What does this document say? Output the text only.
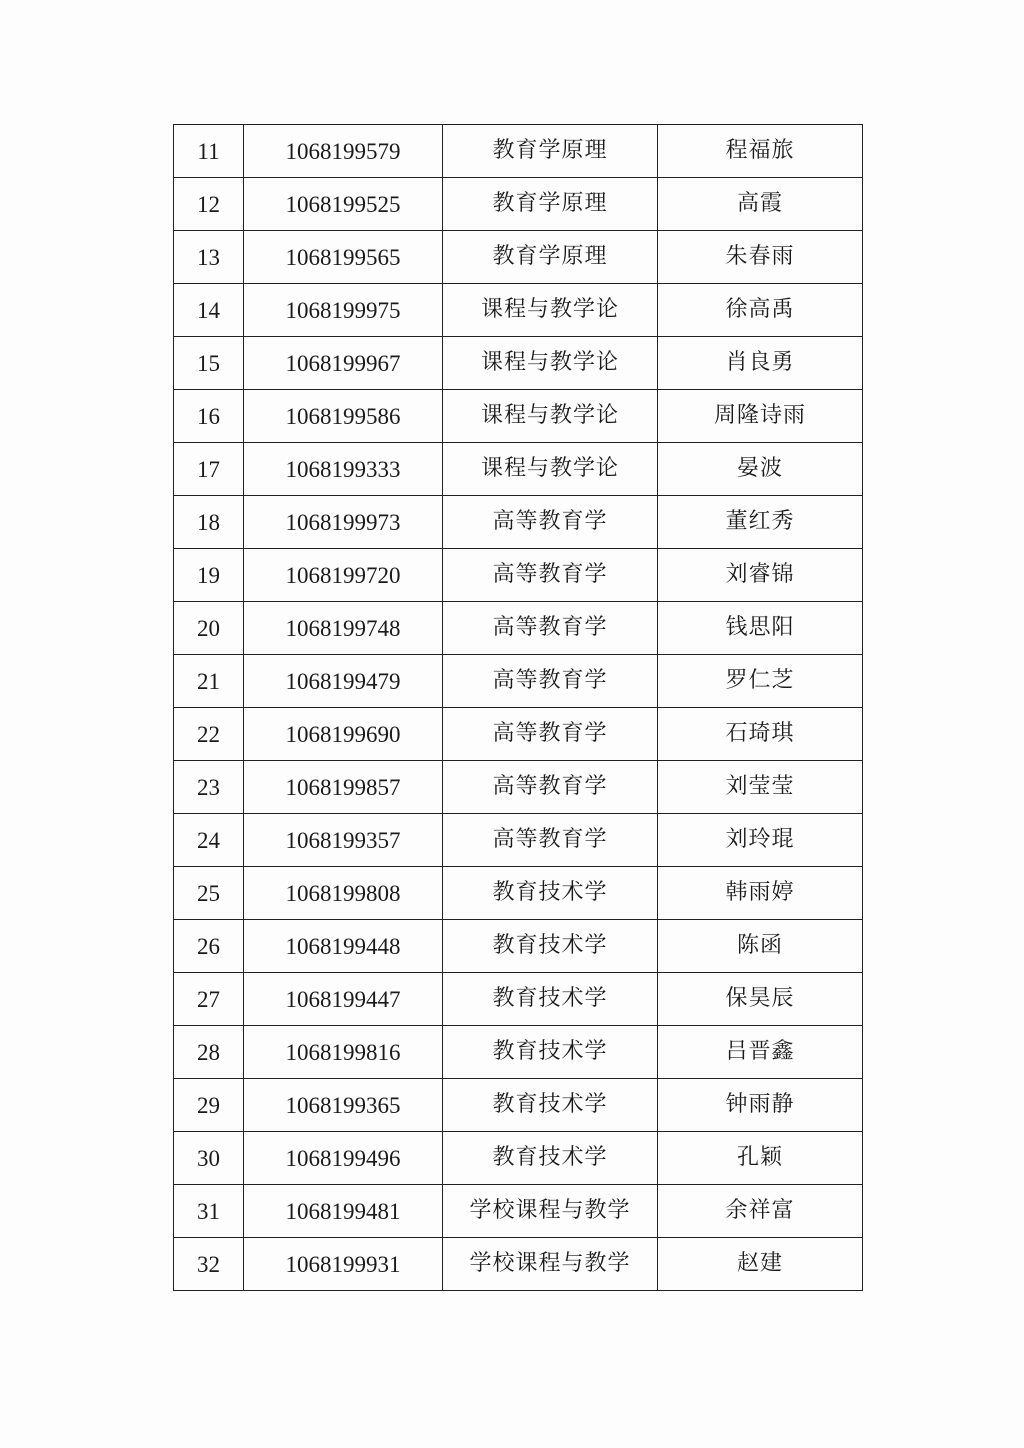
11	1068199579	教育学原理	程福旅
12	1068199525	教育学原理	高霞
13	1068199565	教育学原理	朱春雨
14	1068199975	课程与教学论	徐高禹
15	1068199967	课程与教学论	肖良勇
16	1068199586	课程与教学论	周隆诗雨
17	1068199333	课程与教学论	晏波
18	1068199973	高等教育学	董红秀
19	1068199720	高等教育学	刘睿锦
20	1068199748	高等教育学	钱思阳
21	1068199479	高等教育学	罗仁芝
22	1068199690	高等教育学	石琦琪
23	1068199857	高等教育学	刘莹莹
24	1068199357	高等教育学	刘玲琨
25	1068199808	教育技术学	韩雨婷
26	1068199448	教育技术学	陈函
27	1068199447	教育技术学	保昊辰
28	1068199816	教育技术学	吕晋鑫
29	1068199365	教育技术学	钟雨静
30	1068199496	教育技术学	孔颖
31	1068199481	学校课程与教学	余祥富
32	1068199931	学校课程与教学	赵建
